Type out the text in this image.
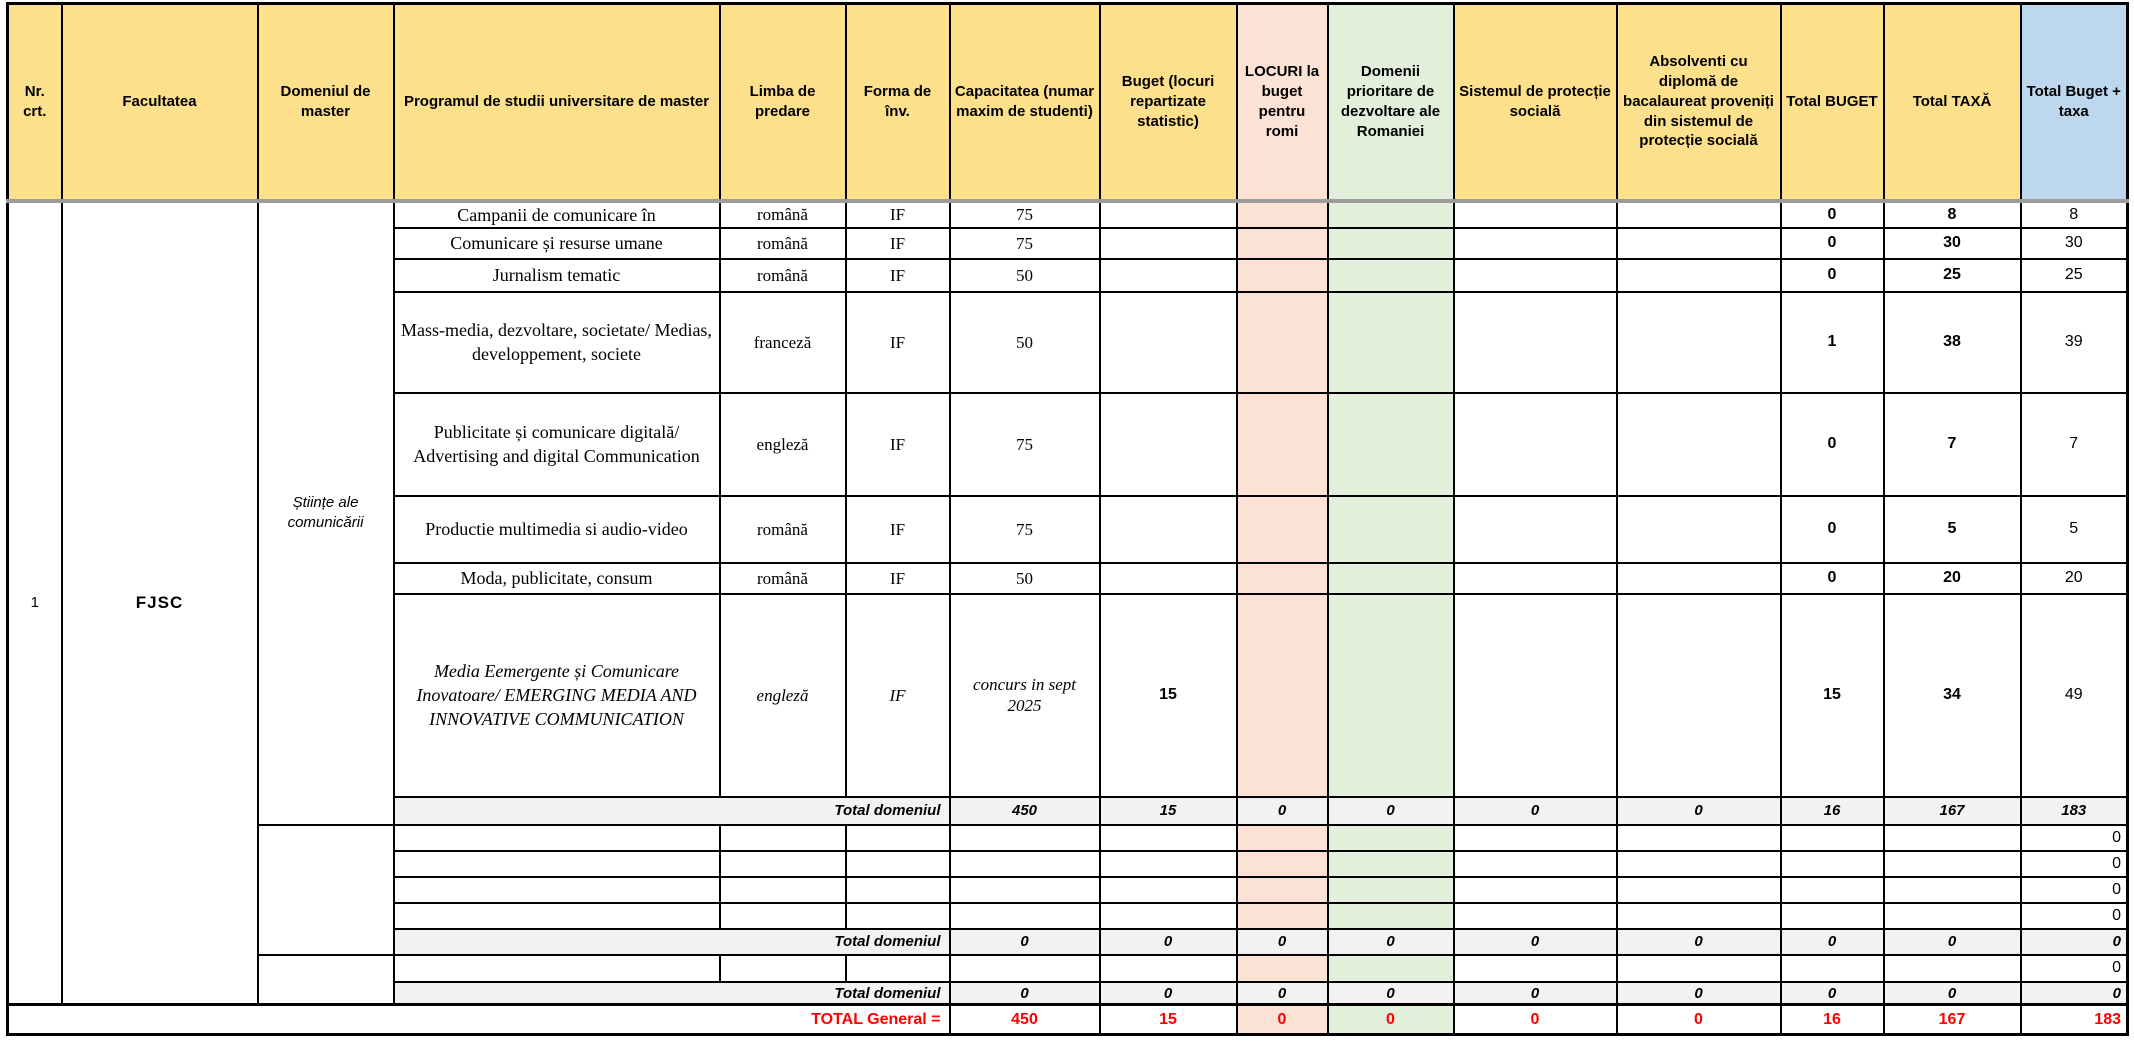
Nr. crt.	Facultatea	Domeniul de master	Programul de studii universitare de master	Limba de predare	Forma de înv.	Capacitatea (numar maxim de studenti)	Buget (locuri repartizate statistic)	LOCURI la buget pentru romi	Domenii prioritare de dezvoltare ale Romaniei	Sistemul de protecție socială	Absolventi cu diplomă de bacalaureat proveniți din sistemul de protecție socială	Total BUGET	Total TAXĂ	Total Buget + taxa
1	FJSC	Științe ale comunicării	Campanii de comunicare în	română	IF	75						0	8	8
			Comunicare și resurse umane	română	IF	75						0	30	30
			Jurnalism tematic	română	IF	50						0	25	25
			Mass-media, dezvoltare, societate/ Medias, developpement, societe	franceză	IF	50						1	38	39
			Publicitate și comunicare digitală/ Advertising and digital Communication	engleză	IF	75						0	7	7
			Productie multimedia si audio-video	română	IF	75						0	5	5
			Moda, publicitate, consum	română	IF	50						0	20	20
			Media Eemergente și Comunicare Inovatoare/ EMERGING MEDIA AND INNOVATIVE COMMUNICATION	engleză	IF	concurs in sept 2025	15					15	34	49
			Total domeniul			450	15	0	0	0	0	16	167	183
														0
														0
														0
														0
			Total domeniul			0	0	0	0	0	0	0	0	0
														0
			Total domeniul			0	0	0	0	0	0	0	0	0
TOTAL General =						450	15	0	0	0	0	16	167	183
